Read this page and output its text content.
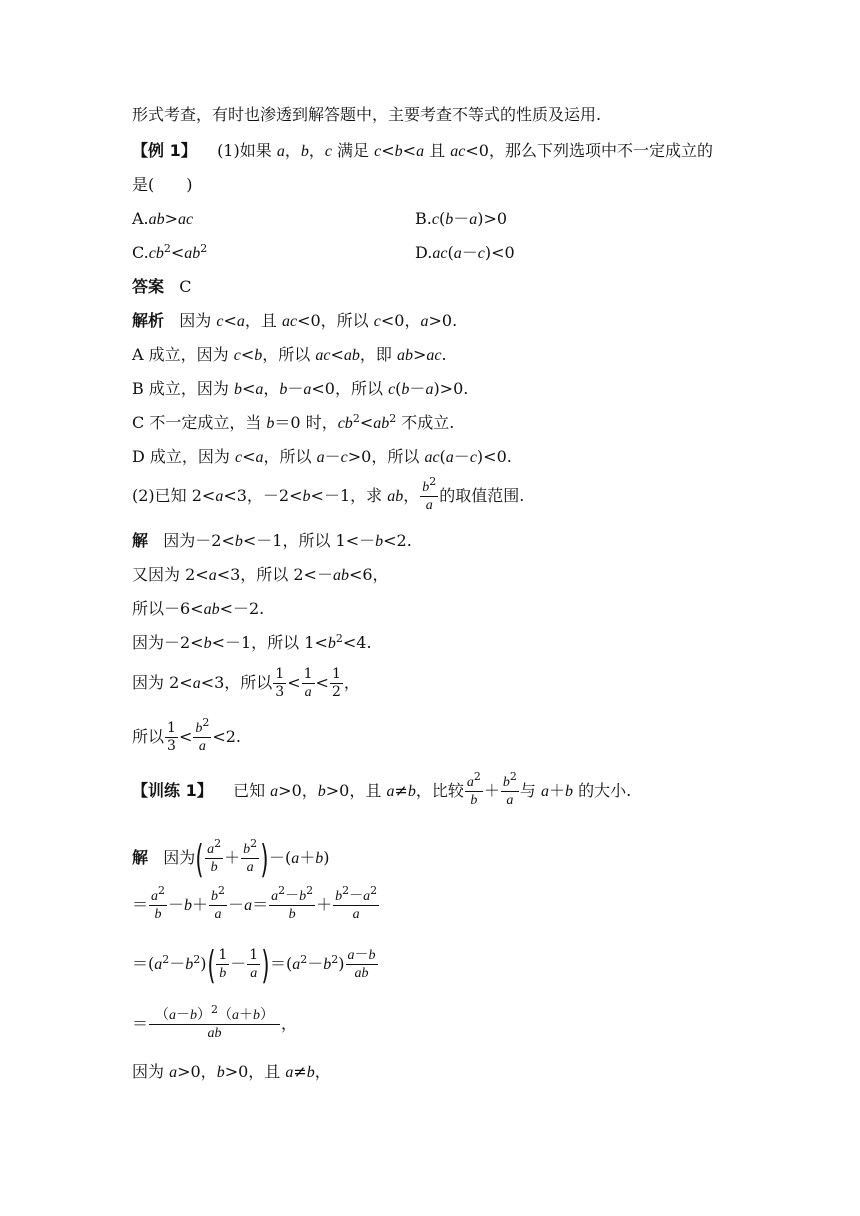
形式考查，有时也渗透到解答题中，主要考查不等式的性质及运用.
【例 1】    (1)如果 a，b，c 满足 c<b<a 且 ac<0，那么下列选项中不一定成立的
是(　　)
A.ab>ac	B.c(b－a)>0
$C.cb^2<ab^2$	D.ac(a－c)<0
答案 C
解析   因为 c<a，且 ac<0，所以 c<0，a>0.
A 成立，因为 c<b，所以 ac<ab，即 ab>ac.
B 成立，因为 b<a，b－a<0，所以 c(b－a)>0.
C 不一定成立，当 b＝0 时，$cb^2<ab^2$ 不成立.
D 成立，因为 c<a，所以 a－c>0，所以 ac(a－c)<0.
(2)已知 2<a<3，－2<b<－1，求 ab， $\frac{b^2}{a}$ 的取值范围.
解   因为－2<b<－1，所以 1<－b<2.
又因为 2<a<3，所以 2<－ab<6，
所以－6<ab<－2.
因为－2<b<－1，所以 $1<b^2<4$.
因为 2<a<3，所以 $\frac{1}{3} < \frac{1}{a} < \frac{1}{2}$ ，
所以 $\frac{1}{3} < \frac{b^2}{a} <2$.
【训练 1】    已知 a>0，b>0，且 a≠b，比较 $\frac{a^2}{b} + \frac{b^2}{a}$ 与 a＋b 的大小.
解   因为( $\frac{a^2}{b} + \frac{b^2}{a} )-(a+b)$
＝ $\frac{a^2}{b} -b+ \frac{b^2}{a} -a= \frac{a^2-b^2}{b} + \frac{b^2-a^2}{a}$
$=(a^2-b^2)( \frac{1}{b} - \frac{1}{a} )=(a^2-b^2) \frac{a-b}{ab}$
＝ $\frac{(a-b)^2(a+b)}{ab}$ ，
因为 a>0，b>0，且 a≠b，
